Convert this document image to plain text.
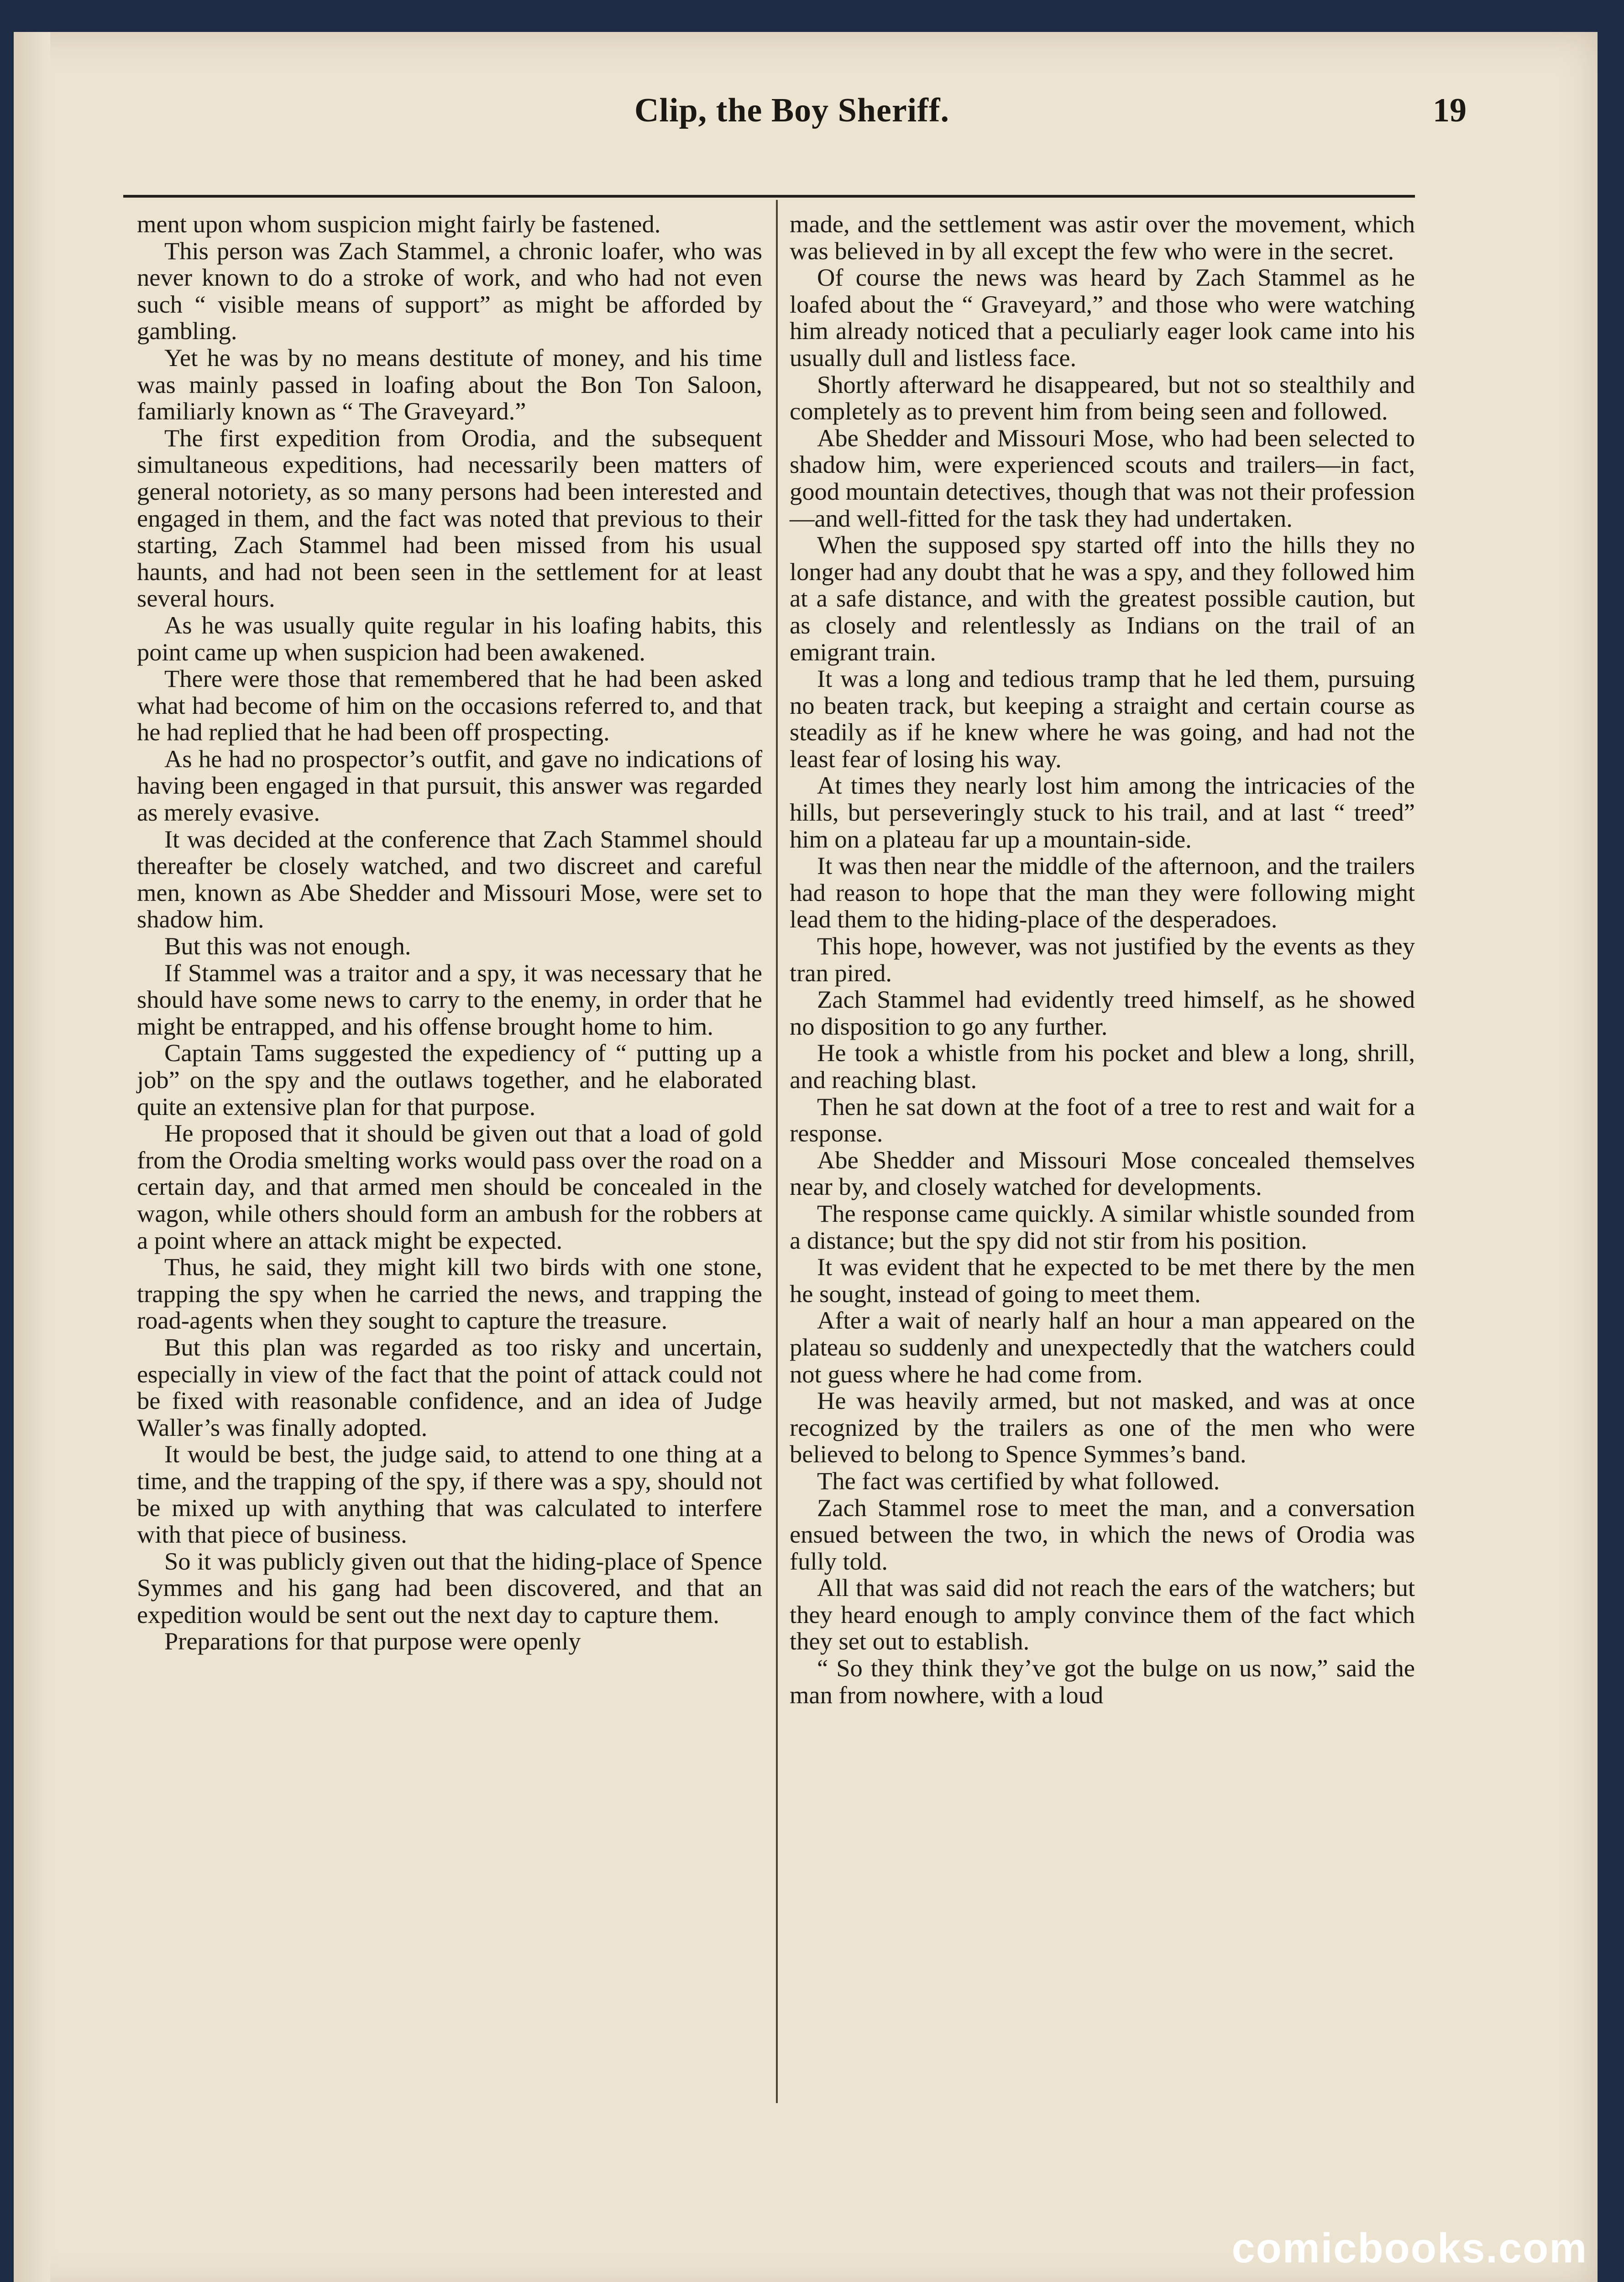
Clip, the Boy Sheriff.	19

ment upon whom suspicion might fairly be fastened.

This person was Zach Stammel, a chronic loafer, who was never known to do a stroke of work, and who had not even such “ visible means of support” as might be afforded by gambling.

Yet he was by no means destitute of money, and his time was mainly passed in loafing about the Bon Ton Saloon, familiarly known as “ The Graveyard.”

The first expedition from Orodia, and the subsequent simultaneous expeditions, had necessarily been matters of general notoriety, as so many persons had been interested and engaged in them, and the fact was noted that previous to their starting, Zach Stammel had been missed from his usual haunts, and had not been seen in the settlement for at least several hours.

As he was usually quite regular in his loafing habits, this point came up when suspicion had been awakened.

There were those that remembered that he had been asked what had become of him on the occasions referred to, and that he had replied that he had been off prospecting.

As he had no prospector’s outfit, and gave no indications of having been engaged in that pursuit, this answer was regarded as merely evasive.

It was decided at the conference that Zach Stammel should thereafter be closely watched, and two discreet and careful men, known as Abe Shedder and Missouri Mose, were set to shadow him.

But this was not enough.

If Stammel was a traitor and a spy, it was necessary that he should have some news to carry to the enemy, in order that he might be entrapped, and his offense brought home to him.

Captain Tams suggested the expediency of “ putting up a job” on the spy and the outlaws together, and he elaborated quite an extensive plan for that purpose.

He proposed that it should be given out that a load of gold from the Orodia smelting works would pass over the road on a certain day, and that armed men should be concealed in the wagon, while others should form an ambush for the robbers at a point where an attack might be expected.

Thus, he said, they might kill two birds with one stone, trapping the spy when he carried the news, and trapping the road-agents when they sought to capture the treasure.

But this plan was regarded as too risky and uncertain, especially in view of the fact that the point of attack could not be fixed with reasonable confidence, and an idea of Judge Waller’s was finally adopted.

It would be best, the judge said, to attend to one thing at a time, and the trapping of the spy, if there was a spy, should not be mixed up with anything that was calculated to interfere with that piece of business.

So it was publicly given out that the hiding-place of Spence Symmes and his gang had been discovered, and that an expedition would be sent out the next day to capture them.

Preparations for that purpose were openly

made, and the settlement was astir over the movement, which was believed in by all except the few who were in the secret.

Of course the news was heard by Zach Stammel as he loafed about the “ Graveyard,” and those who were watching him already noticed that a peculiarly eager look came into his usually dull and listless face.

Shortly afterward he disappeared, but not so stealthily and completely as to prevent him from being seen and followed.

Abe Shedder and Missouri Mose, who had been selected to shadow him, were experienced scouts and trailers—in fact, good mountain detectives, though that was not their profession—and well-fitted for the task they had undertaken.

When the supposed spy started off into the hills they no longer had any doubt that he was a spy, and they followed him at a safe distance, and with the greatest possible caution, but as closely and relentlessly as Indians on the trail of an emigrant train.

It was a long and tedious tramp that he led them, pursuing no beaten track, but keeping a straight and certain course as steadily as if he knew where he was going, and had not the least fear of losing his way.

At times they nearly lost him among the intricacies of the hills, but perseveringly stuck to his trail, and at last “ treed” him on a plateau far up a mountain-side.

It was then near the middle of the afternoon, and the trailers had reason to hope that the man they were following might lead them to the hiding-place of the desperadoes.

This hope, however, was not justified by the events as they tran pired.

Zach Stammel had evidently treed himself, as he showed no disposition to go any further.

He took a whistle from his pocket and blew a long, shrill, and reaching blast.

Then he sat down at the foot of a tree to rest and wait for a response.

Abe Shedder and Missouri Mose concealed themselves near by, and closely watched for developments.

The response came quickly. A similar whistle sounded from a distance; but the spy did not stir from his position.

It was evident that he expected to be met there by the men he sought, instead of going to meet them.

After a wait of nearly half an hour a man appeared on the plateau so suddenly and unexpectedly that the watchers could not guess where he had come from.

He was heavily armed, but not masked, and was at once recognized by the trailers as one of the men who were believed to belong to Spence Symmes’s band.

The fact was certified by what followed.

Zach Stammel rose to meet the man, and a conversation ensued between the two, in which the news of Orodia was fully told.

All that was said did not reach the ears of the watchers; but they heard enough to amply convince them of the fact which they set out to establish.

“ So they think they’ve got the bulge on us now,” said the man from nowhere, with a loud

comicbooks.com
